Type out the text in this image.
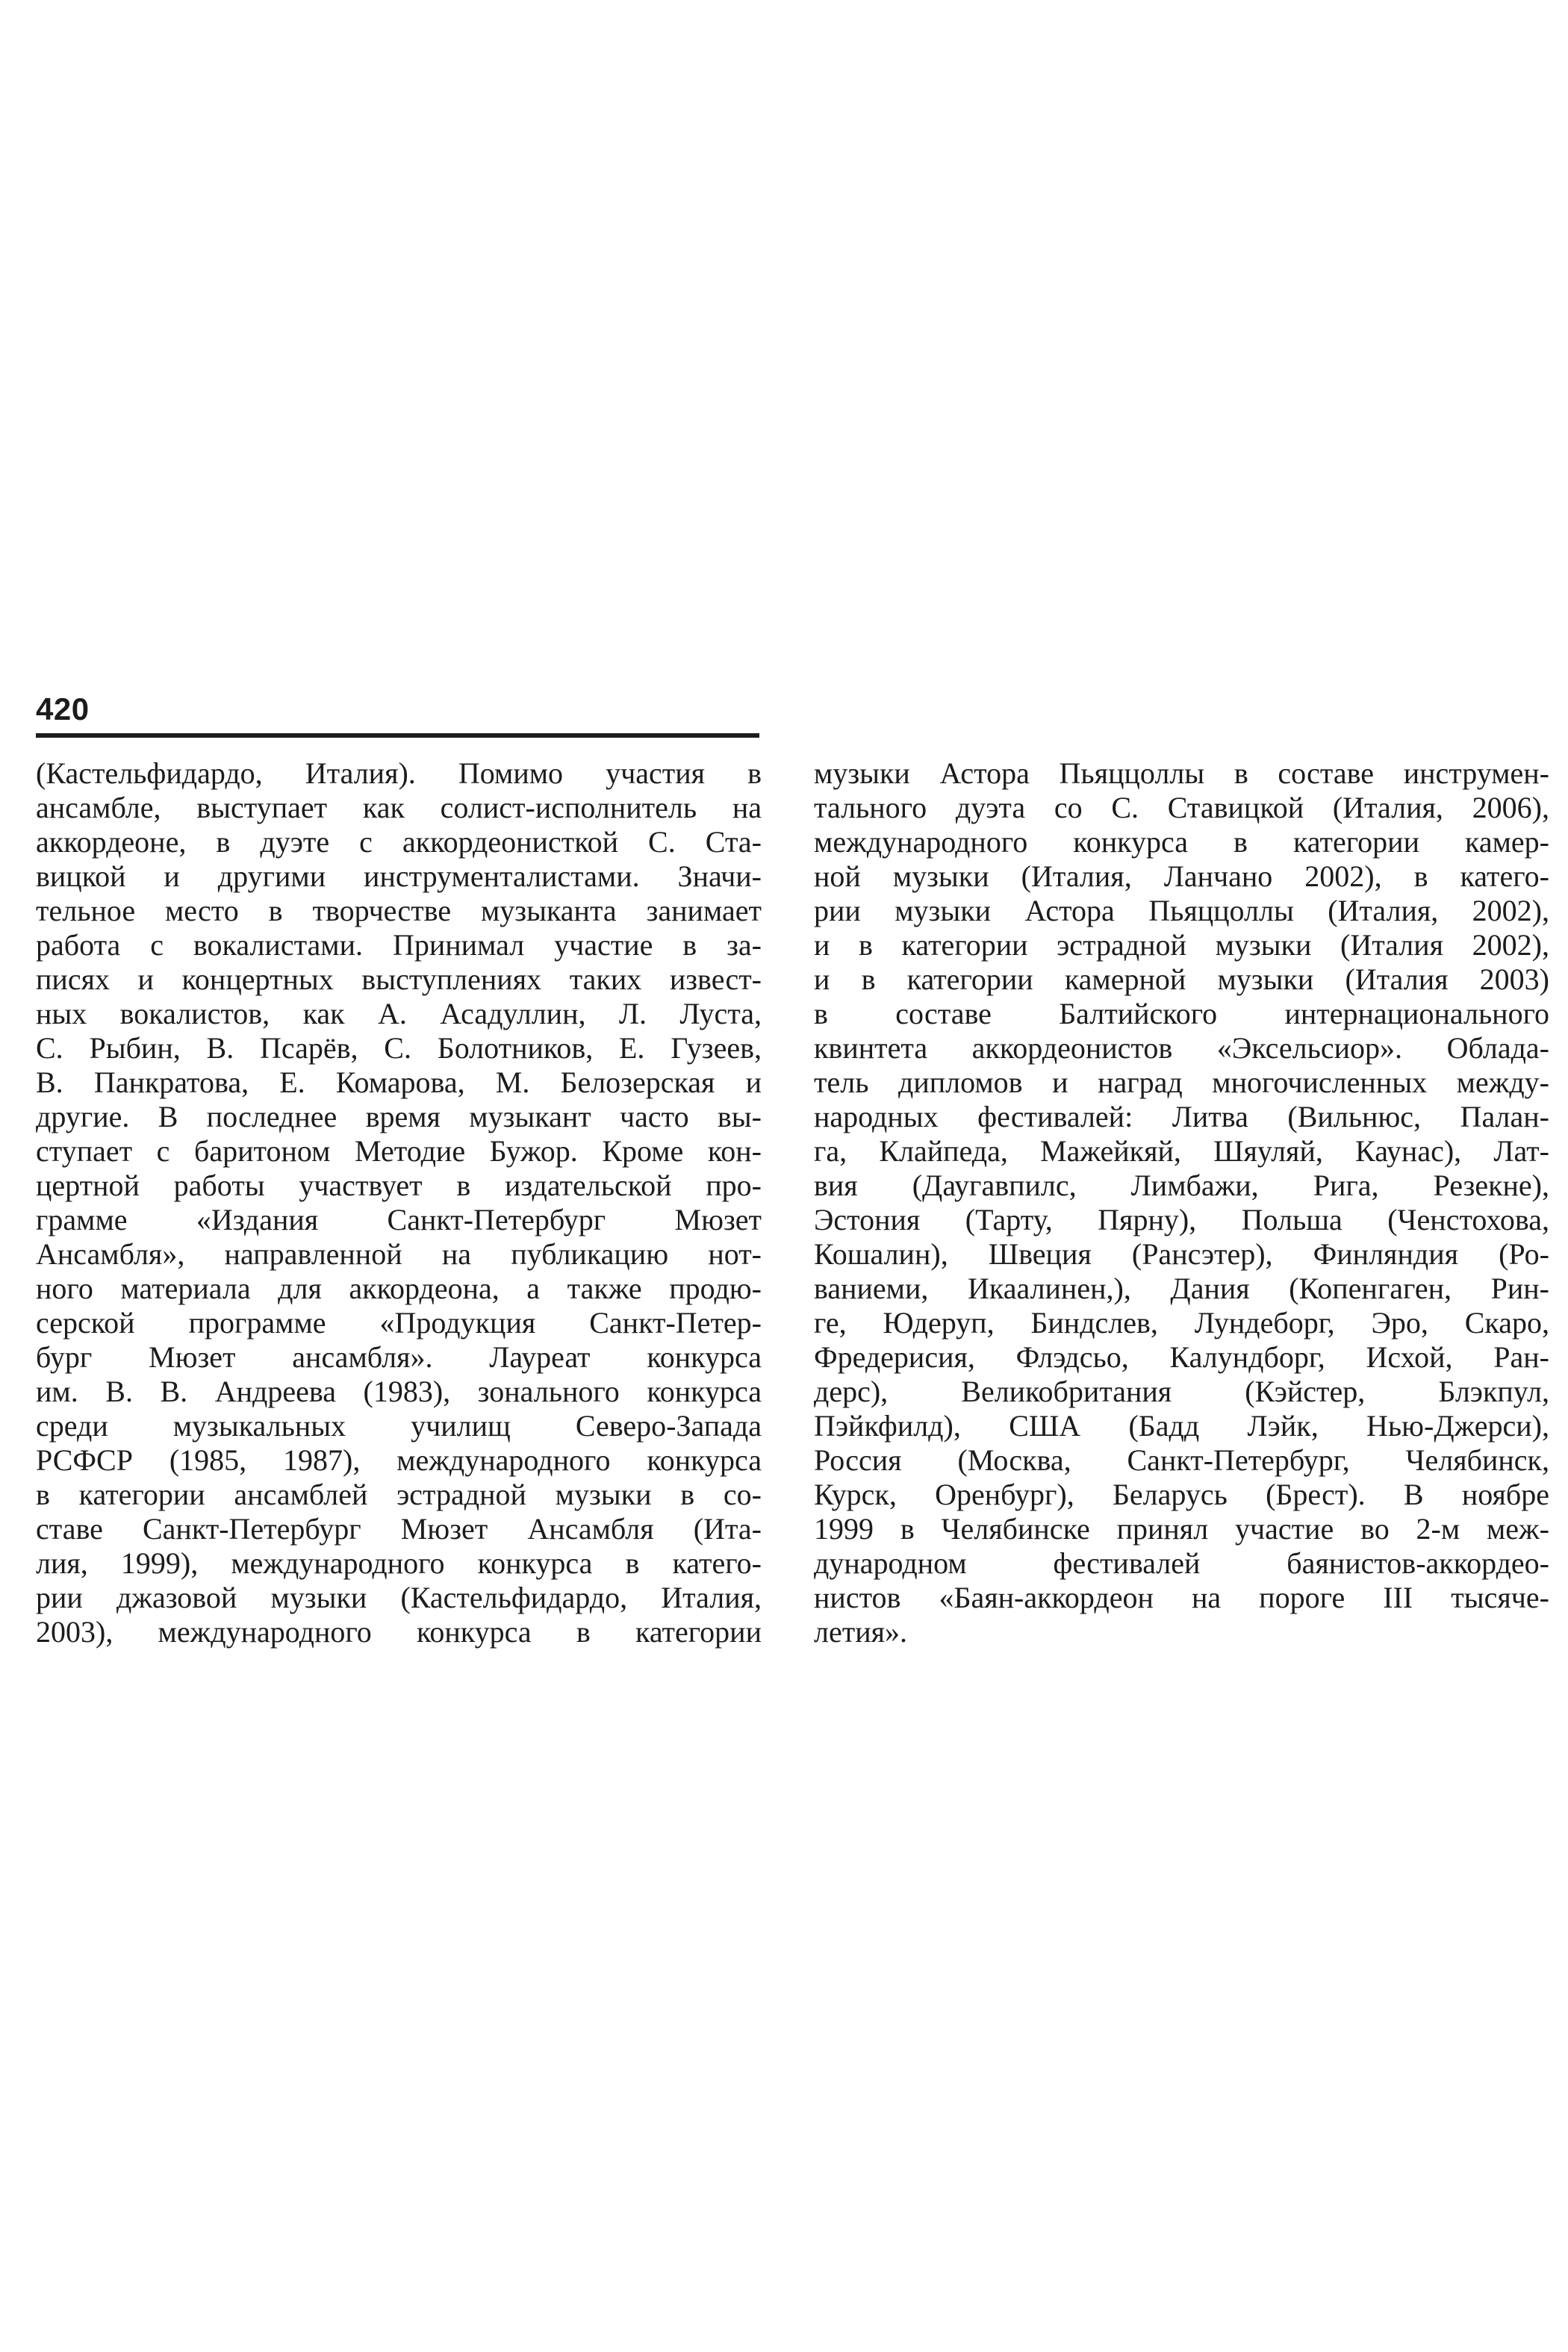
420
(Кастельфидардо, Италия). Помимо участия в
ансамбле, выступает как солист-исполнитель на
аккордеоне, в дуэте с аккордеонисткой С. Ста-
вицкой и другими инструменталистами. Значи-
тельное место в творчестве музыканта занимает
работа с вокалистами. Принимал участие в за-
писях и концертных выступлениях таких извест-
ных вокалистов, как А. Асадуллин, Л. Луста,
С. Рыбин, В. Псарёв, С. Болотников, Е. Гузеев,
В. Панкратова, Е. Комарова, М. Белозерская и
другие. В последнее время музыкант часто вы-
ступает с баритоном Методие Бужор. Кроме кон-
цертной работы участвует в издательской про-
грамме «Издания Санкт-Петербург Мюзет
Ансамбля», направленной на публикацию нот-
ного материала для аккордеона, а также продю-
серской программе «Продукция Санкт-Петер-
бург Мюзет ансамбля». Лауреат конкурса
им. В. В. Андреева (1983), зонального конкурса
среди музыкальных училищ Северо-Запада
РСФСР (1985, 1987), международного конкурса
в категории ансамблей эстрадной музыки в со-
ставе Санкт-Петербург Мюзет Ансамбля (Ита-
лия, 1999), международного конкурса в катего-
рии джазовой музыки (Кастельфидардо, Италия,
2003), международного конкурса в категории
музыки Астора Пьяццоллы в составе инструмен-
тального дуэта со С. Ставицкой (Италия, 2006),
международного конкурса в категории камер-
ной музыки (Италия, Ланчано 2002), в катего-
рии музыки Астора Пьяццоллы (Италия, 2002),
и в категории эстрадной музыки (Италия 2002),
и в категории камерной музыки (Италия 2003)
в составе Балтийского интернационального
квинтета аккордеонистов «Эксельсиор». Облада-
тель дипломов и наград многочисленных между-
народных фестивалей: Литва (Вильнюс, Палан-
га, Клайпеда, Мажейкяй, Шяуляй, Каунас), Лат-
вия (Даугавпилс, Лимбажи, Рига, Резекне),
Эстония (Тарту, Пярну), Польша (Ченстохова,
Кошалин), Швеция (Рансэтер), Финляндия (Ро-
ваниеми, Икаалинен,), Дания (Копенгаген, Рин-
ге, Юдеруп, Биндслев, Лундеборг, Эро, Скаро,
Фредерисия, Флэдсьо, Калундборг, Исхой, Ран-
дерс), Великобритания (Кэйстер, Блэкпул,
Пэйкфилд), США (Бадд Лэйк, Нью-Джерси),
Россия (Москва, Санкт-Петербург, Челябинск,
Курск, Оренбург), Беларусь (Брест). В ноябре
1999 в Челябинске принял участие во 2-м меж-
дународном фестивалей баянистов-аккордео-
нистов «Баян-аккордеон на пороге III тысяче-
летия».
